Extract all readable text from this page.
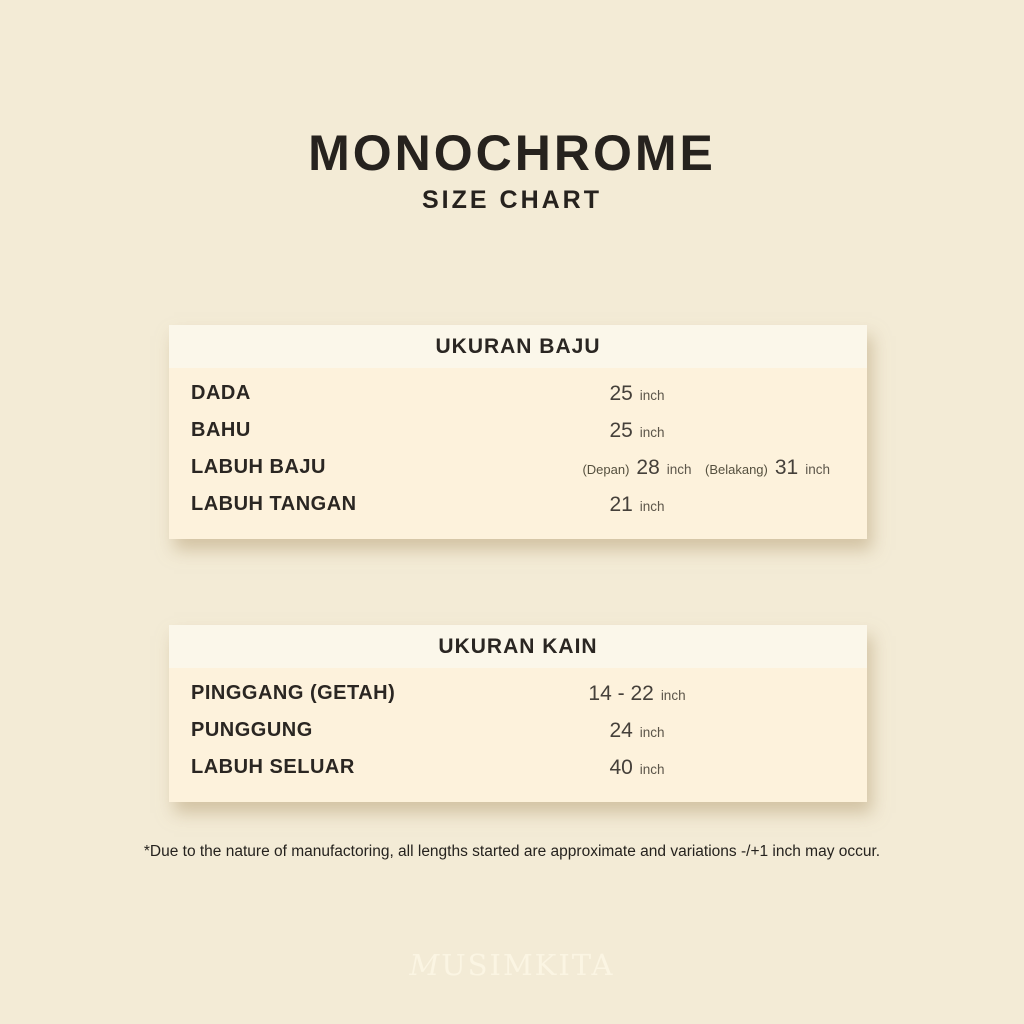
MONOCHROME
SIZE CHART
UKURAN BAJU
DADA	25 inch
BAHU	25 inch
LABUH BAJU	(Depan) 28 inch (Belakang) 31 inch
LABUH TANGAN	21 inch
UKURAN KAIN
PINGGANG (GETAH)	14 - 22 inch
PUNGGUNG	24 inch
LABUH SELUAR	40 inch
*Due to the nature of manufactoring, all lengths started are approximate and variations -/+1 inch may occur.
MUSIMKITA
